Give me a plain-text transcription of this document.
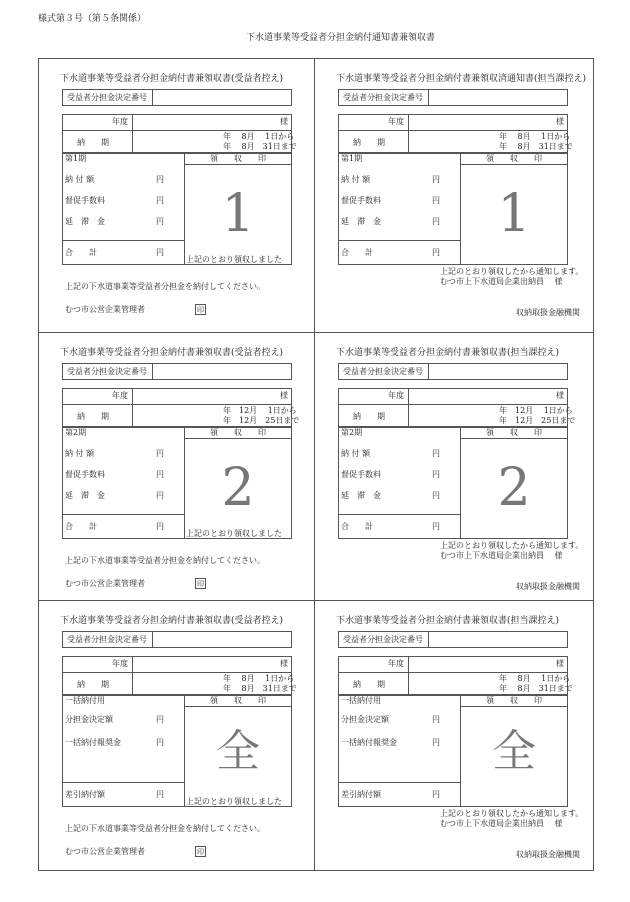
様式第３号（第５条関係）
下水道事業等受益者分担金納付通知書兼領収書
下水道事業等受益者分担金納付書兼領収書(受益者控え)
受益者分担金決定番号
年度	様
納　　期
年　 8月 　1日から
年　 8月　31日まで
第1期	領　　収　　印
納 付 額	円
督促手数料	円
延　滞　金	円
合　　計	円
1
上記のとおり領収しました
上記の下水道事業等受益者分担金を納付してください。
むつ市公営企業管理者	印
下水道事業等受益者分担金納付書兼領収済通知書(担当課控え)
受益者分担金決定番号
年度	様
納　　期
年　 8月 　1日から
年　 8月　31日まで
第1期	領　　収　　印
納 付 額	円
督促手数料	円
延　滞　金	円
合　　計	円
1
上記のとおり領収したから通知します。
むつ市上下水道局企業出納員　 様
収納取扱金融機関
下水道事業等受益者分担金納付書兼領収書(受益者控え)
受益者分担金決定番号
年度	様
納　　期
年　12月 　1日から
年　12月　25日まで
第2期	領　　収　　印
納 付 額	円
督促手数料	円
延　滞　金	円
合　　計	円
2
上記のとおり領収しました
上記の下水道事業等受益者分担金を納付してください。
むつ市公営企業管理者	印
下水道事業等受益者分担金納付書兼領収書(担当課控え)
受益者分担金決定番号
年度	様
納　　期
年　12月 　1日から
年　12月　25日まで
第2期	領　　収　　印
納 付 額	円
督促手数料	円
延　滞　金	円
合　　計	円
2
上記のとおり領収したから通知します。
むつ市上下水道局企業出納員　 様
収納取扱金融機関
下水道事業等受益者分担金納付書兼領収書(受益者控え)
受益者分担金決定番号
年度	様
納　　期
年　 8月 　1日から
年　 8月　31日まで
一括納付用	領　　収　　印
分担金決定額	円
一括納付報奨金	円
差引納付額	円
全
上記のとおり領収しました
上記の下水道事業等受益者分担金を納付してください。
むつ市公営企業管理者	印
下水道事業等受益者分担金納付書兼領収書(担当課控え)
受益者分担金決定番号
年度	様
納　　期
年　 8月 　1日から
年　 8月　31日まで
一括納付用	領　　収　　印
分担金決定額	円
一括納付報奨金	円
差引納付額	円
全
上記のとおり領収したから通知します。
むつ市上下水道局企業出納員　 様
収納取扱金融機関
